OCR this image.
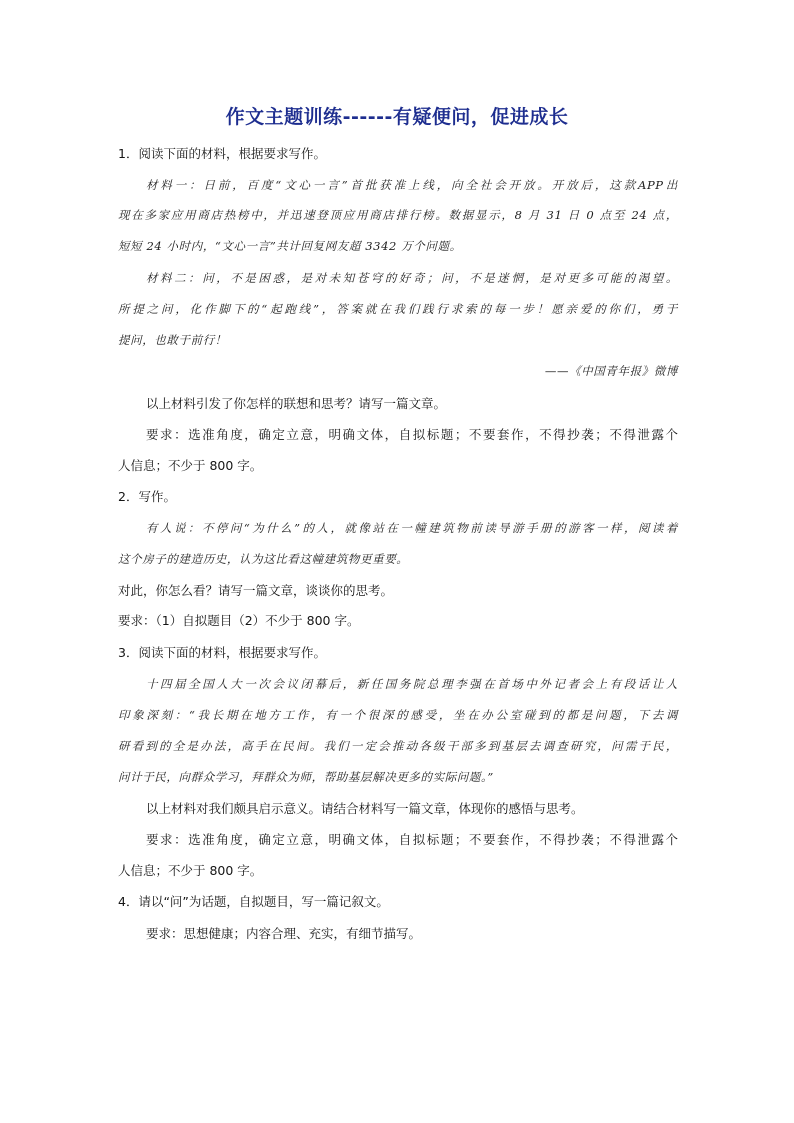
作文主题训练------有疑便问，促进成长
1．阅读下面的材料，根据要求写作。
材料一：日前，百度“文心一言”首批获准上线，向全社会开放。开放后，这款APP出
现在多家应用商店热榜中，并迅速登顶应用商店排行榜。数据显示，8 月 31 日 0 点至 24 点，
短短 24 小时内，“文心一言”共计回复网友超 3342 万个问题。
材料二：问，不是困惑，是对未知苍穹的好奇；问，不是迷惘，是对更多可能的渴望。
所提之问，化作脚下的“起跑线”，答案就在我们践行求索的每一步！愿亲爱的你们，勇于
提问，也敢于前行！
——《中国青年报》微博
以上材料引发了你怎样的联想和思考？请写一篇文章。
要求：选准角度，确定立意，明确文体，自拟标题；不要套作，不得抄袭；不得泄露个
人信息；不少于 800 字。
2．写作。
有人说：不停问“为什么”的人，就像站在一幢建筑物前读导游手册的游客一样，阅读着
这个房子的建造历史，认为这比看这幢建筑物更重要。
对此，你怎么看？请写一篇文章，谈谈你的思考。
要求：（1）自拟题目（2）不少于 800 字。
3．阅读下面的材料，根据要求写作。
十四届全国人大一次会议闭幕后，新任国务院总理李强在首场中外记者会上有段话让人
印象深刻：“我长期在地方工作，有一个很深的感受，坐在办公室碰到的都是问题，下去调
研看到的全是办法，高手在民间。我们一定会推动各级干部多到基层去调查研究，问需于民，
问计于民，向群众学习，拜群众为师，帮助基层解决更多的实际问题。”
以上材料对我们颇具启示意义。请结合材料写一篇文章，体现你的感悟与思考。
要求：选准角度，确定立意，明确文体，自拟标题；不要套作，不得抄袭；不得泄露个
人信息；不少于 800 字。
4．请以“问”为话题，自拟题目，写一篇记叙文。
要求：思想健康；内容合理、充实，有细节描写。
